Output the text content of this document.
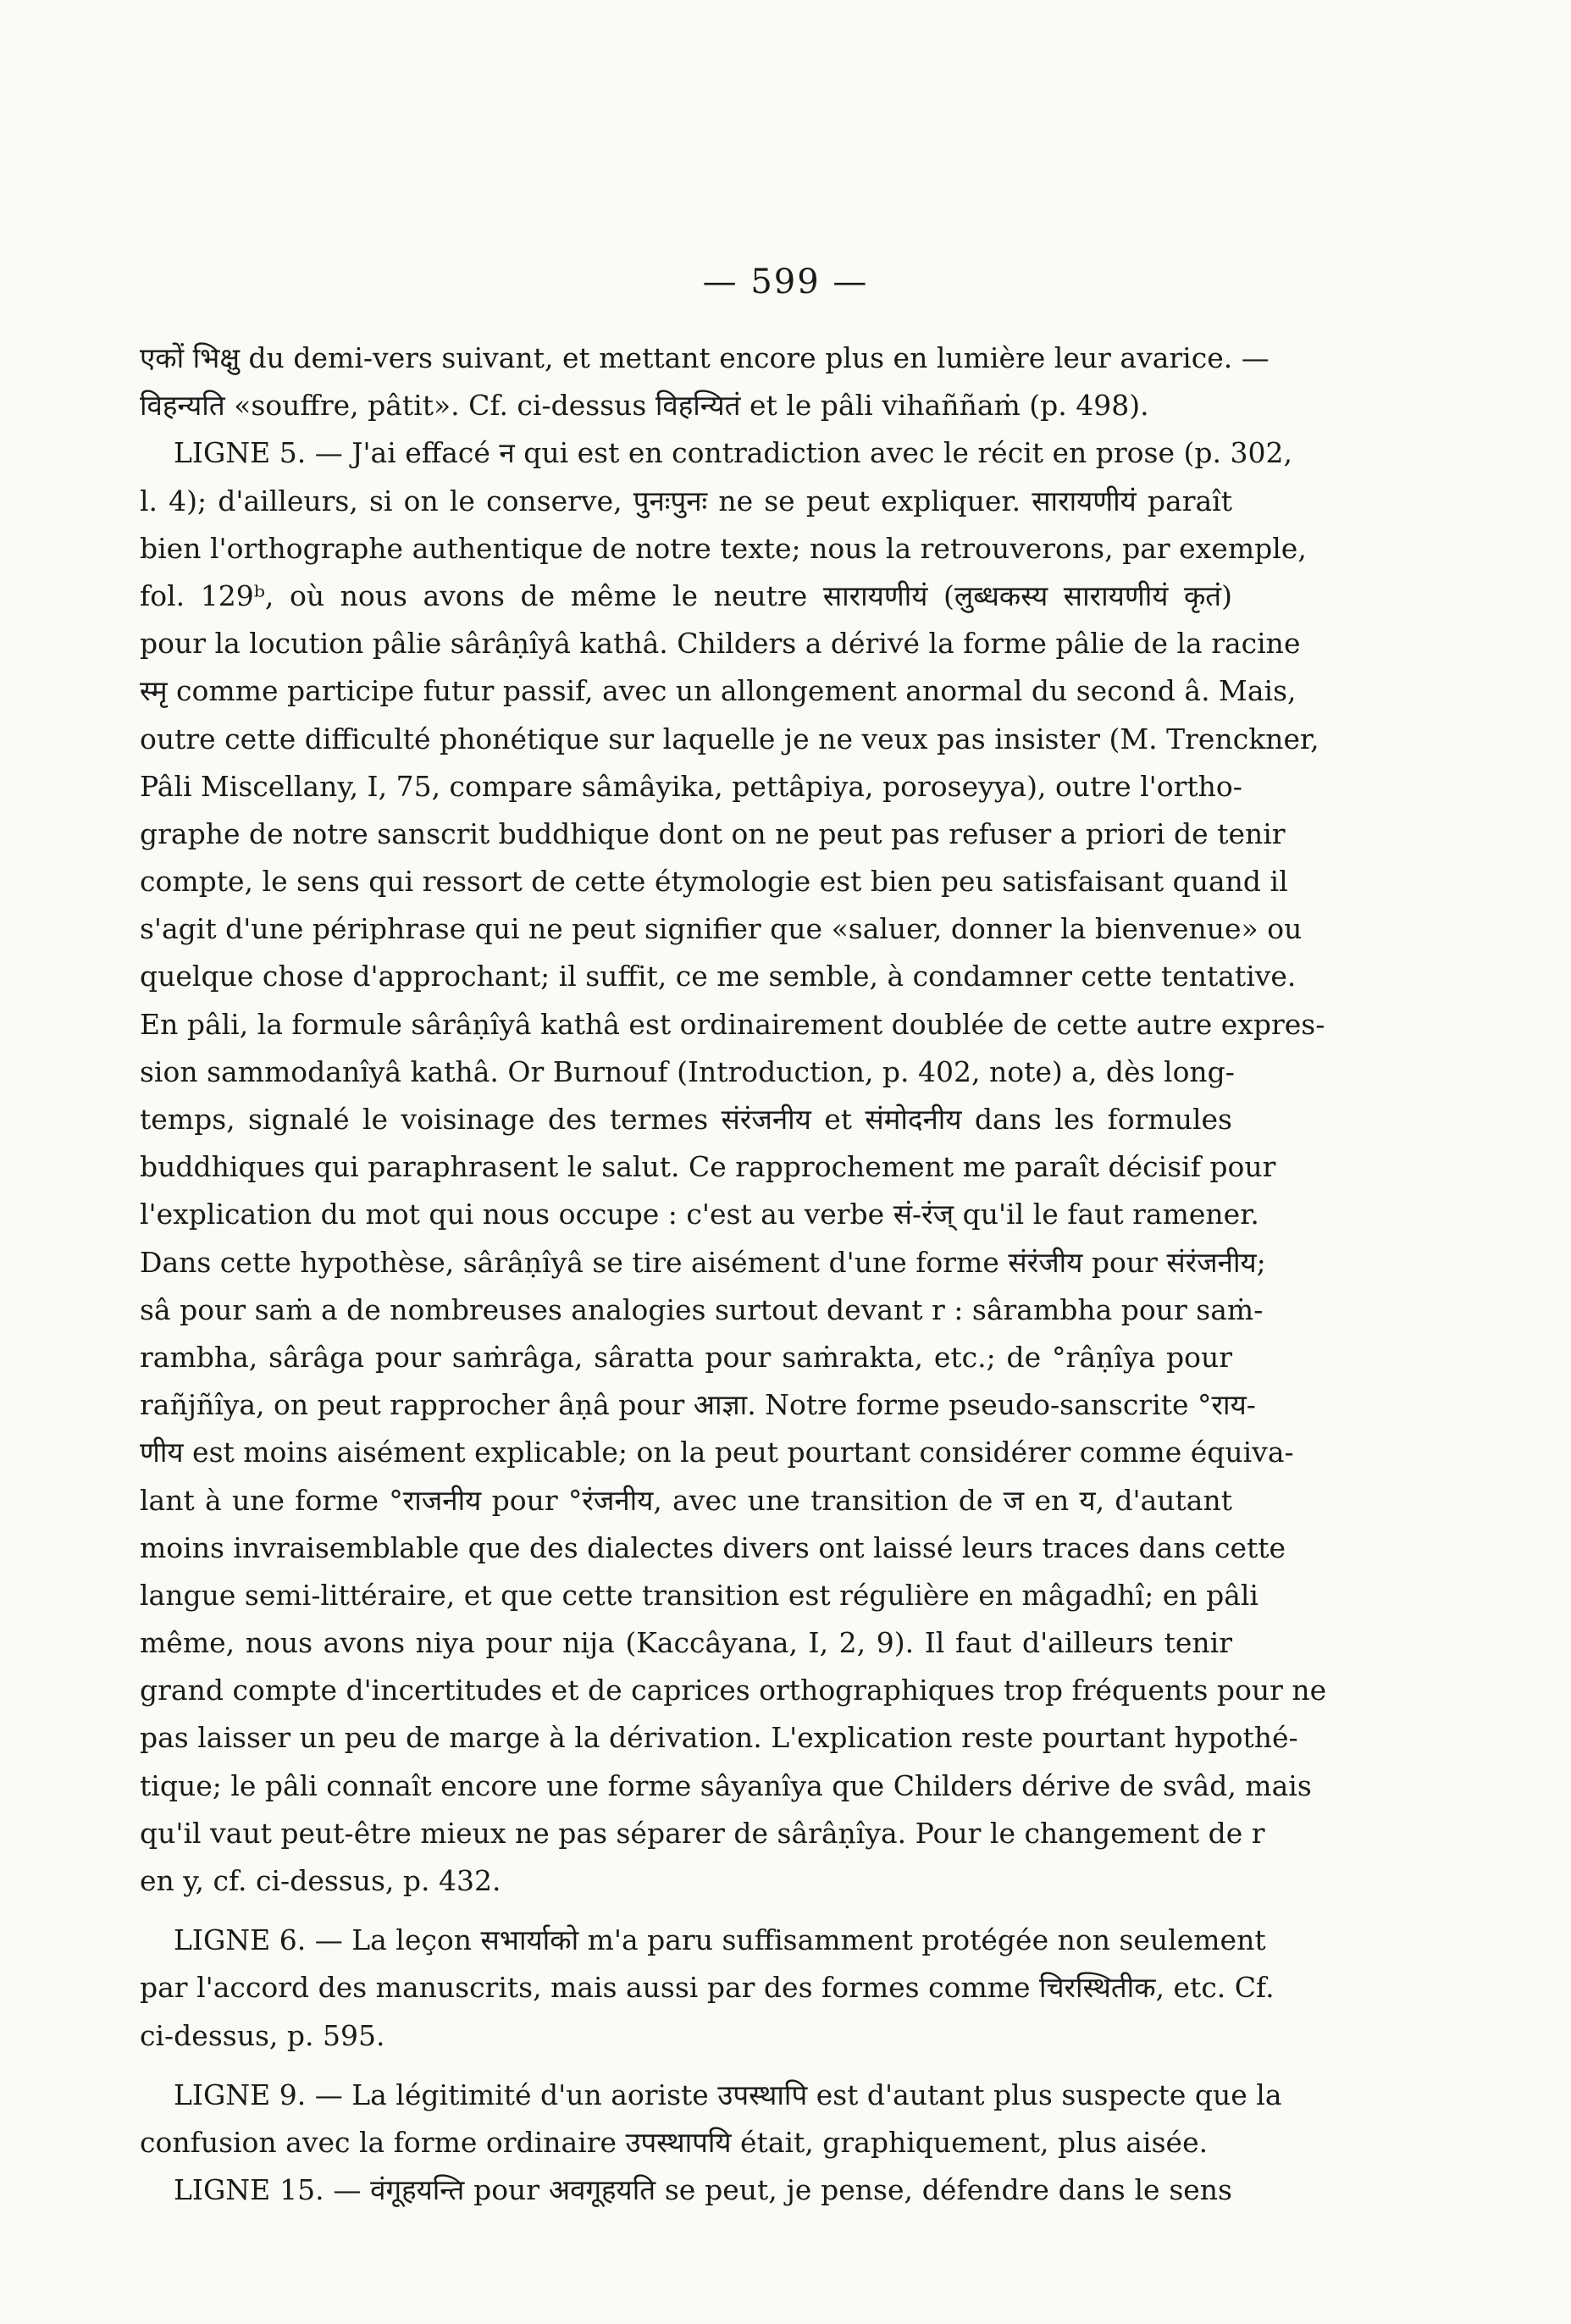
— 599 —
एकों भिक्षु du demi-vers suivant, et mettant encore plus en lumière leur avarice. —
विहन्यति «souffre, pâtit». Cf. ci-dessus विहन्यितं et le pâli vihaññaṁ (p. 498).
LIGNE 5. — J'ai effacé न qui est en contradiction avec le récit en prose (p. 302,
l. 4); d'ailleurs, si on le conserve, पुनःपुनः ne se peut expliquer. सारायणीयं paraît
bien l'orthographe authentique de notre texte; nous la retrouverons, par exemple,
fol. 129ᵇ, où nous avons de même le neutre सारायणीयं (लुब्धकस्य सारायणीयं कृतं)
pour la locution pâlie sârâṇîyâ kathâ. Childers a dérivé la forme pâlie de la racine
स्मृ comme participe futur passif, avec un allongement anormal du second â. Mais,
outre cette difficulté phonétique sur laquelle je ne veux pas insister (M. Trenckner,
Pâli Miscellany, I, 75, compare sâmâyika, pettâpiya, poroseyya), outre l'ortho-
graphe de notre sanscrit buddhique dont on ne peut pas refuser a priori de tenir
compte, le sens qui ressort de cette étymologie est bien peu satisfaisant quand il
s'agit d'une périphrase qui ne peut signifier que «saluer, donner la bienvenue» ou
quelque chose d'approchant; il suffit, ce me semble, à condamner cette tentative.
En pâli, la formule sârâṇîyâ kathâ est ordinairement doublée de cette autre expres-
sion sammodanîyâ kathâ. Or Burnouf (Introduction, p. 402, note) a, dès long-
temps, signalé le voisinage des termes संरंजनीय et संमोदनीय dans les formules
buddhiques qui paraphrasent le salut. Ce rapprochement me paraît décisif pour
l'explication du mot qui nous occupe : c'est au verbe सं-रंज् qu'il le faut ramener.
Dans cette hypothèse, sârâṇîyâ se tire aisément d'une forme संरंजीय pour संरंजनीय;
sâ pour saṁ a de nombreuses analogies surtout devant r : sârambha pour saṁ-
rambha, sârâga pour saṁrâga, sâratta pour saṁrakta, etc.; de °râṇîya pour
rañjñîya, on peut rapprocher âṇâ pour आज्ञा. Notre forme pseudo-sanscrite °राय-
णीय est moins aisément explicable; on la peut pourtant considérer comme équiva-
lant à une forme °राजनीय pour °रंजनीय, avec une transition de ज en य, d'autant
moins invraisemblable que des dialectes divers ont laissé leurs traces dans cette
langue semi-littéraire, et que cette transition est régulière en mâgadhî; en pâli
même, nous avons niya pour nija (Kaccâyana, I, 2, 9). Il faut d'ailleurs tenir
grand compte d'incertitudes et de caprices orthographiques trop fréquents pour ne
pas laisser un peu de marge à la dérivation. L'explication reste pourtant hypothé-
tique; le pâli connaît encore une forme sâyanîya que Childers dérive de svâd, mais
qu'il vaut peut-être mieux ne pas séparer de sârâṇîya. Pour le changement de r
en y, cf. ci-dessus, p. 432.
LIGNE 6. — La leçon सभार्याको m'a paru suffisamment protégée non seulement
par l'accord des manuscrits, mais aussi par des formes comme चिरस्थितीक, etc. Cf.
ci-dessus, p. 595.
LIGNE 9. — La légitimité d'un aoriste उपस्थापि est d'autant plus suspecte que la
confusion avec la forme ordinaire उपस्थापयि était, graphiquement, plus aisée.
LIGNE 15. — वंगूहयन्ति pour अवगूहयति se peut, je pense, défendre dans le sens
